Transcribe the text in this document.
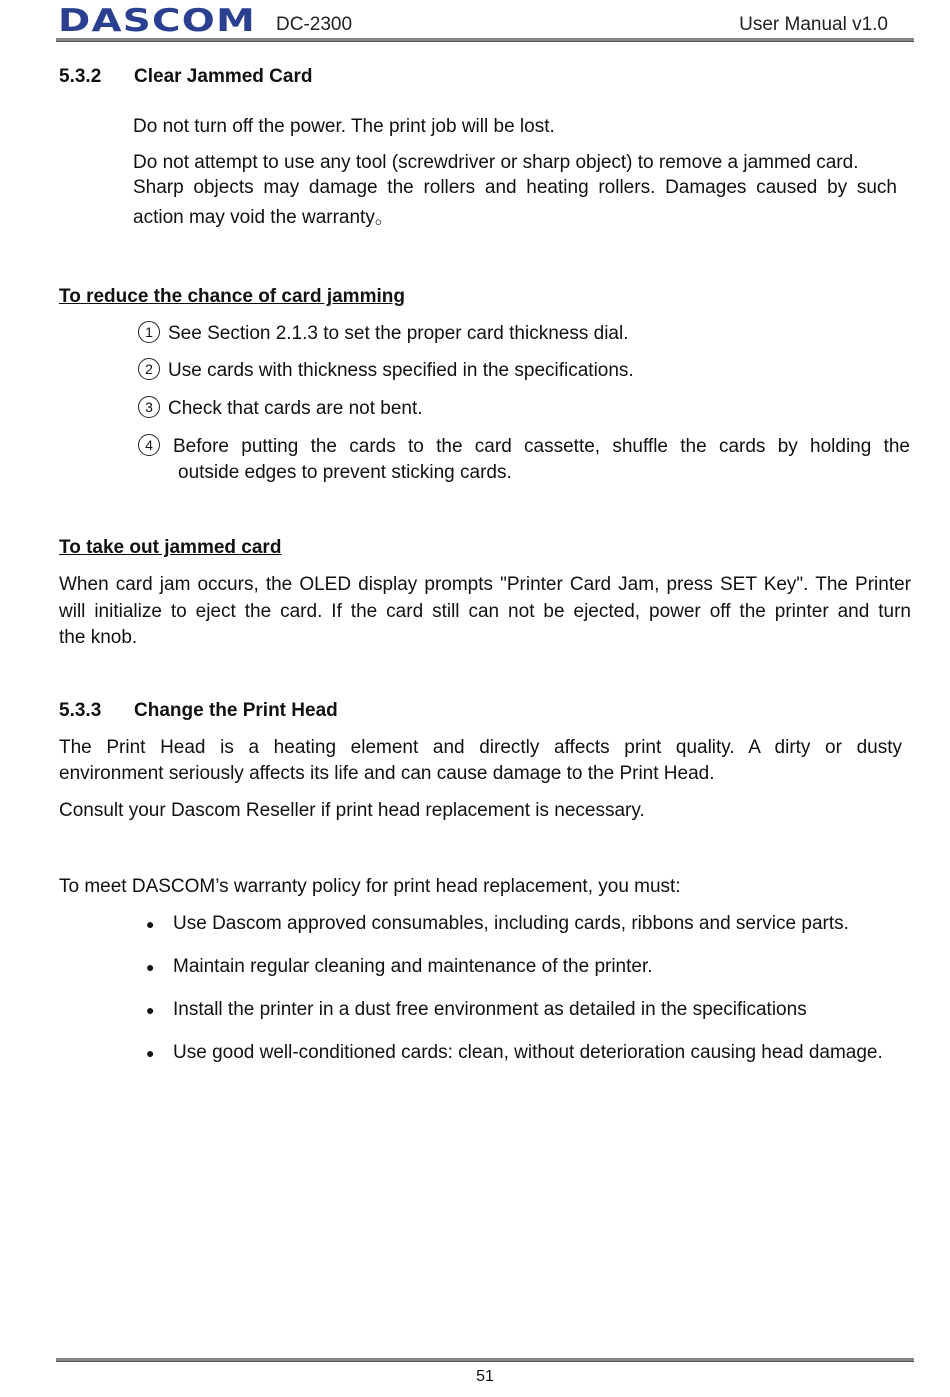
DASCOM DC-2300	User Manual v1.0
5.3.2 Clear Jammed Card
Do not turn off the power. The print job will be lost.
Do not attempt to use any tool (screwdriver or sharp object) to remove a jammed card.
Sharp objects may damage the rollers and heating rollers. Damages caused by such
action may void the warranty。
To reduce the chance of card jamming
1 See Section 2.1.3 to set the proper card thickness dial.
2 Use cards with thickness specified in the specifications.
3 Check that cards are not bent.
4	Before putting the cards to the card cassette, shuffle the cards by holding the
outside edges to prevent sticking cards.
To take out jammed card
When card jam occurs, the OLED display prompts "Printer Card Jam, press SET Key". The Printer
will initialize to eject the card. If the card still can not be ejected, power off the printer and turn
the knob.
5.3.3 Change the Print Head
The Print Head is a heating element and directly affects print quality. A dirty or dusty
environment seriously affects its life and can cause damage to the Print Head.
Consult your Dascom Reseller if print head replacement is necessary.
To meet DASCOM’s warranty policy for print head replacement, you must:
● Use Dascom approved consumables, including cards, ribbons and service parts.
● Maintain regular cleaning and maintenance of the printer.
● Install the printer in a dust free environment as detailed in the specifications
● Use good well-conditioned cards: clean, without deterioration causing head damage.
51
